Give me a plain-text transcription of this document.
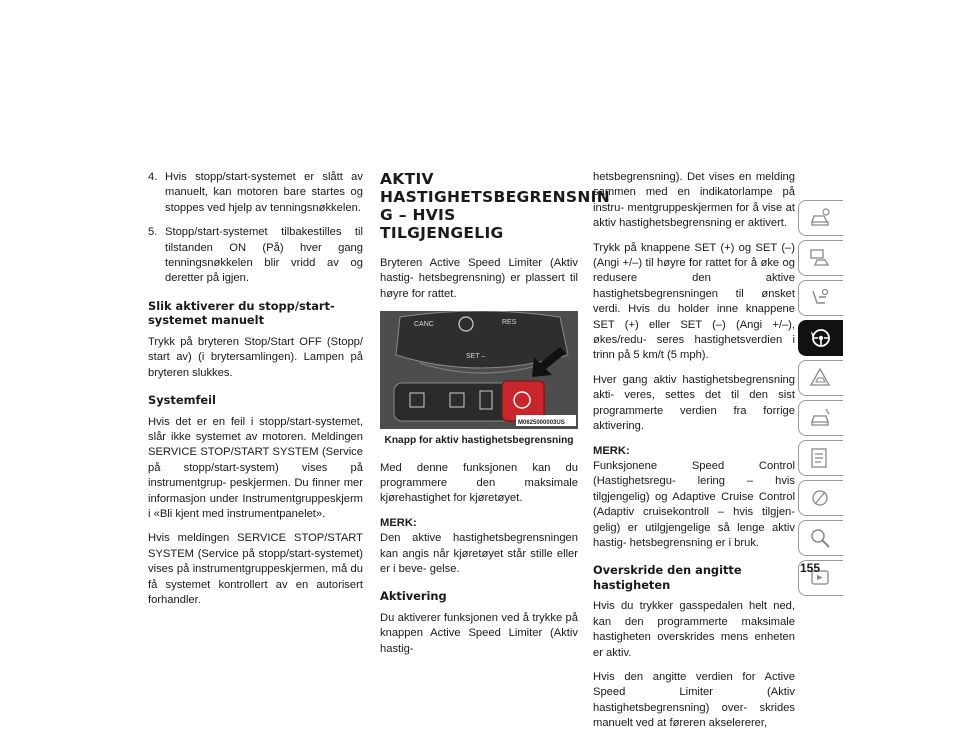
4. Hvis stopp/start-systemet er slått av manuelt, kan motoren bare startes og stoppes ved hjelp av tenningsnøkkelen.
5. Stopp/start-systemet tilbakestilles til tilstanden ON (På) hver gang tenningsnøkkelen blir vridd av og deretter på igjen.
Slik aktiverer du stopp/start-systemet manuelt

Trykk på bryteren Stop/Start OFF (Stopp/ start av) (i brytersamlingen). Lampen på bryteren slukkes.

Systemfeil

Hvis det er en feil i stopp/start-systemet, slår ikke systemet av motoren. Meldingen SERVICE STOP/START SYSTEM (Service på stopp/start-system) vises på instrumentgrup- peskjermen. Du finner mer informasjon under Instrumentgruppeskjerm i «Bli kjent med instrumentpanelet».

Hvis meldingen SERVICE STOP/START SYSTEM (Service på stopp/start-systemet) vises på instrumentgruppeskjermen, må du få systemet kontrollert av en autorisert forhandler.

AKTIV HASTIGHETSBEGRENSNIN G – HVIS TILGJENGELIG

Bryteren Active Speed Limiter (Aktiv hastig- hetsbegrensning) er plassert til høyre for rattet.

CANC	RES
SET –
M0625000003US
Knapp for aktiv hastighetsbegrensning

Med denne funksjonen kan du programmere den maksimale kjørehastighet for kjøretøyet.

MERK:
Den aktive hastighetsbegrensningen kan angis når kjøretøyet står stille eller er i beve- gelse.

Aktivering

Du aktiverer funksjonen ved å trykke på knappen Active Speed Limiter (Aktiv hastig-

hetsbegrensning). Det vises en melding sammen med en indikatorlampe på instru- mentgruppeskjermen for å vise at aktiv hastighetsbegrensning er aktivert.

Trykk på knappene SET (+) og SET (–) (Angi +/–) til høyre for rattet for å øke og redusere den aktive hastighetsbegrensningen til ønsket verdi. Hvis du holder inne knappene SET (+) eller SET (–) (Angi +/–), økes/redu- seres hastighetsverdien i trinn på 5 km/t (5 mph).

Hver gang aktiv hastighetsbegrensning akti- veres, settes det til den sist programmerte verdien fra forrige aktivering.

MERK:
Funksjonene Speed Control (Hastighetsregu- lering – hvis tilgjengelig) og Adaptive Cruise Control (Adaptiv cruisekontroll – hvis tilgjen- gelig) er utilgjengelige så lenge aktiv hastig- hetsbegrensning er i bruk.

Overskride den angitte hastigheten

Hvis du trykker gasspedalen helt ned, kan den programmerte maksimale hastigheten overskrides mens enheten er aktiv.

Hvis den angitte verdien for Active Speed Limiter (Aktiv hastighetsbegrensning) over- skrides manuelt ved at føreren akselererer,

155
